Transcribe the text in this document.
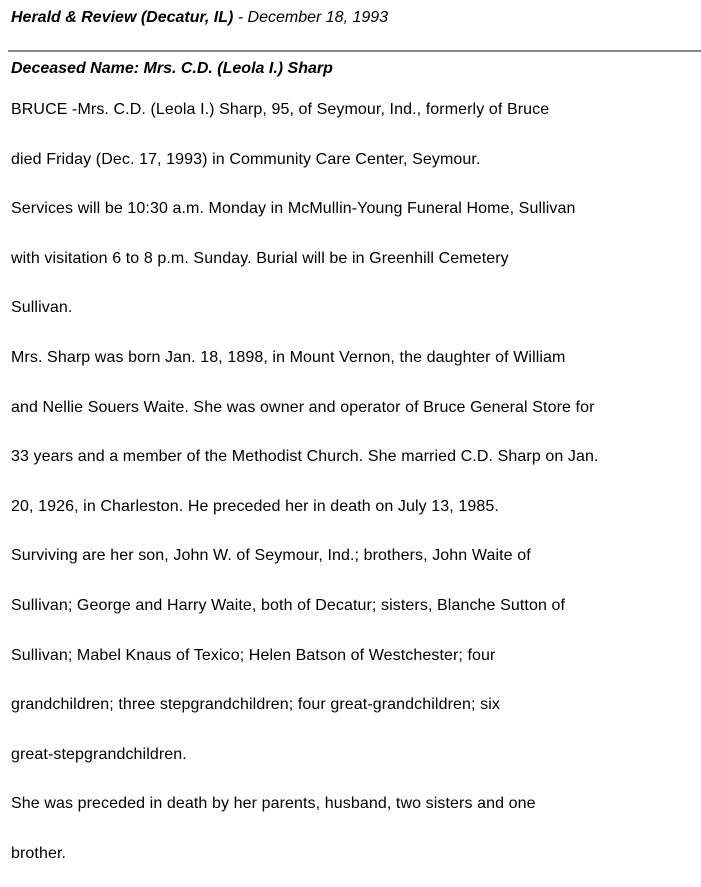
Herald & Review (Decatur, IL) - December 18, 1993
Deceased Name: Mrs. C.D. (Leola I.) Sharp
BRUCE -Mrs. C.D. (Leola I.) Sharp, 95, of Seymour, Ind., formerly of Bruce
died Friday (Dec. 17, 1993) in Community Care Center, Seymour.
Services will be 10:30 a.m. Monday in McMullin-Young Funeral Home, Sullivan
with visitation 6 to 8 p.m. Sunday. Burial will be in Greenhill Cemetery
Sullivan.
Mrs. Sharp was born Jan. 18, 1898, in Mount Vernon, the daughter of William
and Nellie Souers Waite. She was owner and operator of Bruce General Store for
33 years and a member of the Methodist Church. She married C.D. Sharp on Jan.
20, 1926, in Charleston. He preceded her in death on July 13, 1985.
Surviving are her son, John W. of Seymour, Ind.; brothers, John Waite of
Sullivan; George and Harry Waite, both of Decatur; sisters, Blanche Sutton of
Sullivan; Mabel Knaus of Texico; Helen Batson of Westchester; four
grandchildren; three stepgrandchildren; four great-grandchildren; six
great-stepgrandchildren.
She was preceded in death by her parents, husband, two sisters and one
brother.
